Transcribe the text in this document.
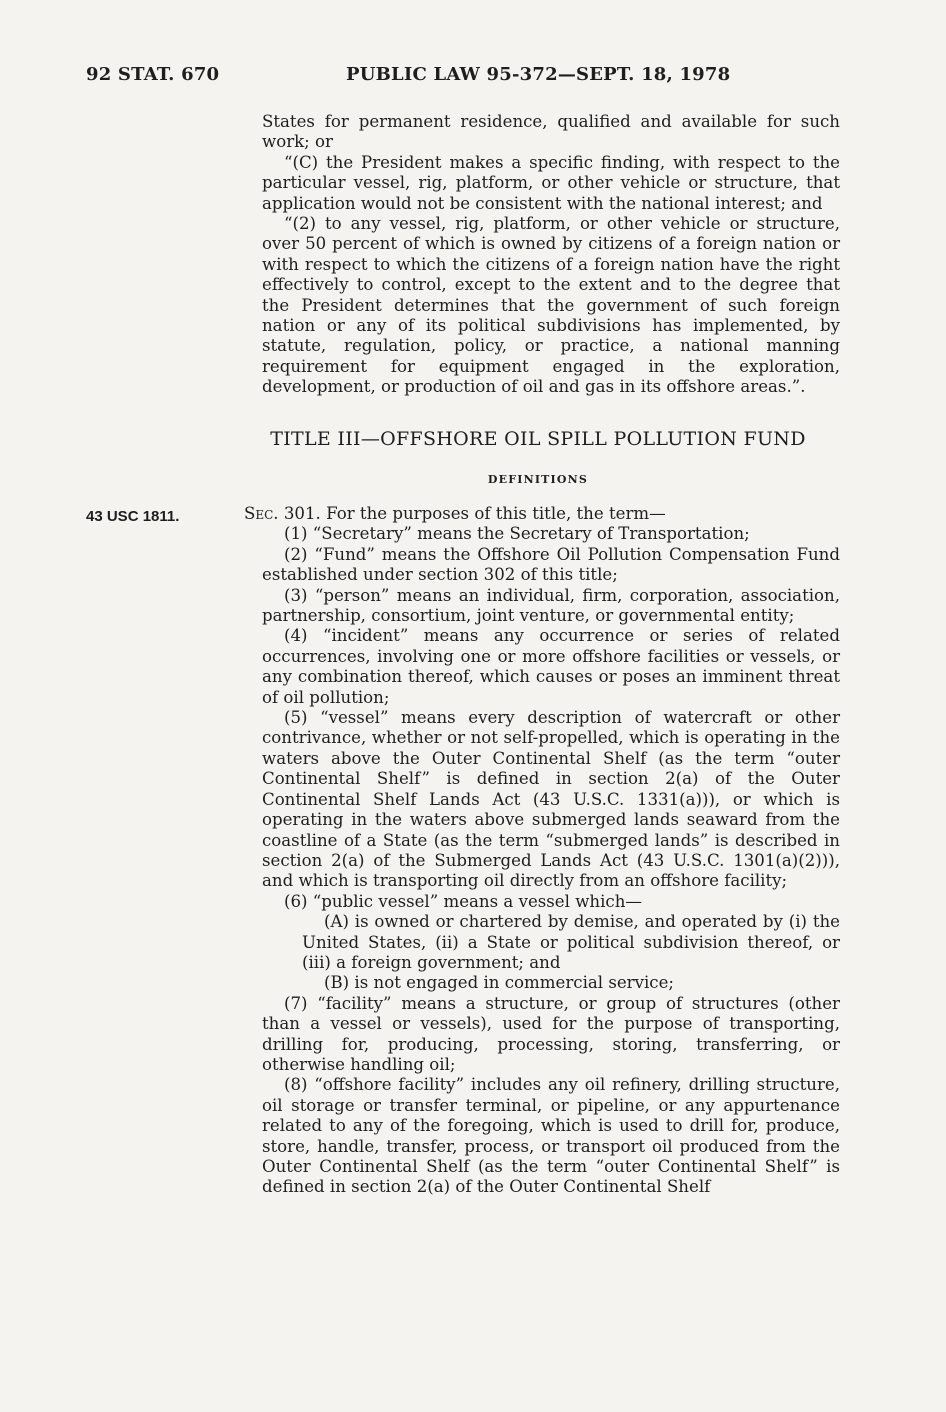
92 STAT. 670	PUBLIC LAW 95-372—SEPT. 18, 1978

States for permanent residence, qualified and available for such work; or

“(C) the President makes a specific finding, with respect to the particular vessel, rig, platform, or other vehicle or structure, that application would not be consistent with the national interest; and

“(2) to any vessel, rig, platform, or other vehicle or structure, over 50 percent of which is owned by citizens of a foreign nation or with respect to which the citizens of a foreign nation have the right effectively to control, except to the extent and to the degree that the President determines that the government of such foreign nation or any of its political subdivisions has implemented, by statute, regulation, policy, or practice, a national manning requirement for equipment engaged in the exploration, development, or production of oil and gas in its offshore areas.”.

TITLE III—OFFSHORE OIL SPILL POLLUTION FUND
DEFINITIONS
43 USC 1811.	Sec. 301. For the purposes of this title, the term—

(1) “Secretary” means the Secretary of Transportation;

(2) “Fund” means the Offshore Oil Pollution Compensation Fund established under section 302 of this title;

(3) “person” means an individual, firm, corporation, association, partnership, consortium, joint venture, or governmental entity;

(4) “incident” means any occurrence or series of related occurrences, involving one or more offshore facilities or vessels, or any combination thereof, which causes or poses an imminent threat of oil pollution;

(5) “vessel” means every description of watercraft or other contrivance, whether or not self-propelled, which is operating in the waters above the Outer Continental Shelf (as the term “outer Continental Shelf” is defined in section 2(a) of the Outer Continental Shelf Lands Act (43 U.S.C. 1331(a))), or which is operating in the waters above submerged lands seaward from the coastline of a State (as the term “submerged lands” is described in section 2(a) of the Submerged Lands Act (43 U.S.C. 1301(a)(2))), and which is transporting oil directly from an offshore facility;

(6) “public vessel” means a vessel which—

(A) is owned or chartered by demise, and operated by (i) the United States, (ii) a State or political subdivision thereof, or (iii) a foreign government; and

(B) is not engaged in commercial service;

(7) “facility” means a structure, or group of structures (other than a vessel or vessels), used for the purpose of transporting, drilling for, producing, processing, storing, transferring, or otherwise handling oil;

(8) “offshore facility” includes any oil refinery, drilling structure, oil storage or transfer terminal, or pipeline, or any appurtenance related to any of the foregoing, which is used to drill for, produce, store, handle, transfer, process, or transport oil produced from the Outer Continental Shelf (as the term “outer Continental Shelf” is defined in section 2(a) of the Outer Continental Shelf
